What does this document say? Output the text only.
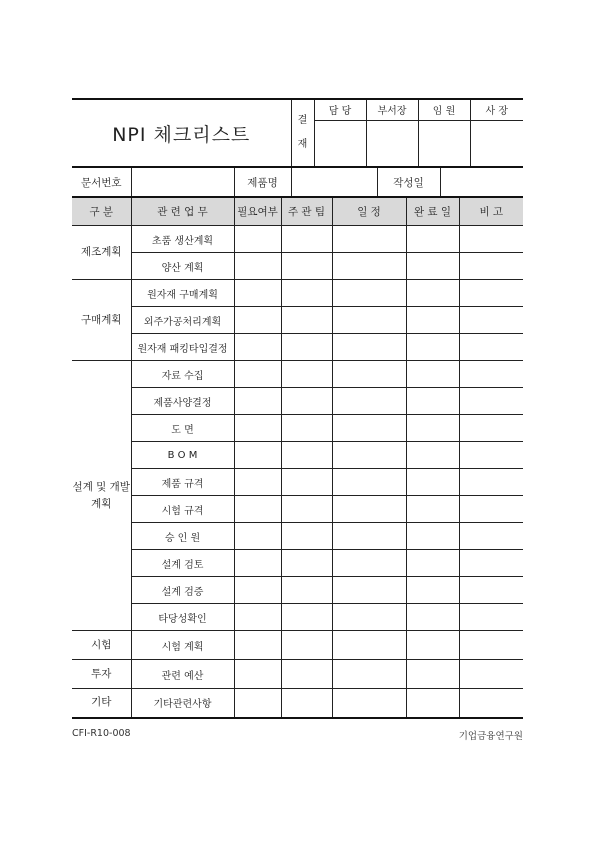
NPI 체크리스트	결
재	담 당	부서장	임 원	사 장

문서번호		제품명		작성일	
구 분	관 련 업 무	필요여부	주 관 팀	일 정	완 료 일	비 고
제조계획	초품 생산계획					
	양산 계획					
구매계획	원자재 구매계획					
	외주가공처리계획					
	원자재 패킹타입결정					
설계 및 개발계획	자료 수집					
	제품사양결정					
	도 면					
	B O M					
	제품 규격					
	시험 규격					
	승 인 원					
	설계 검토					
	설계 검증					
	타당성확인					
시험	시험 계획					
투자	관련 예산					
기타	기타관련사항					
CFI-R10-008	기업금융연구원
